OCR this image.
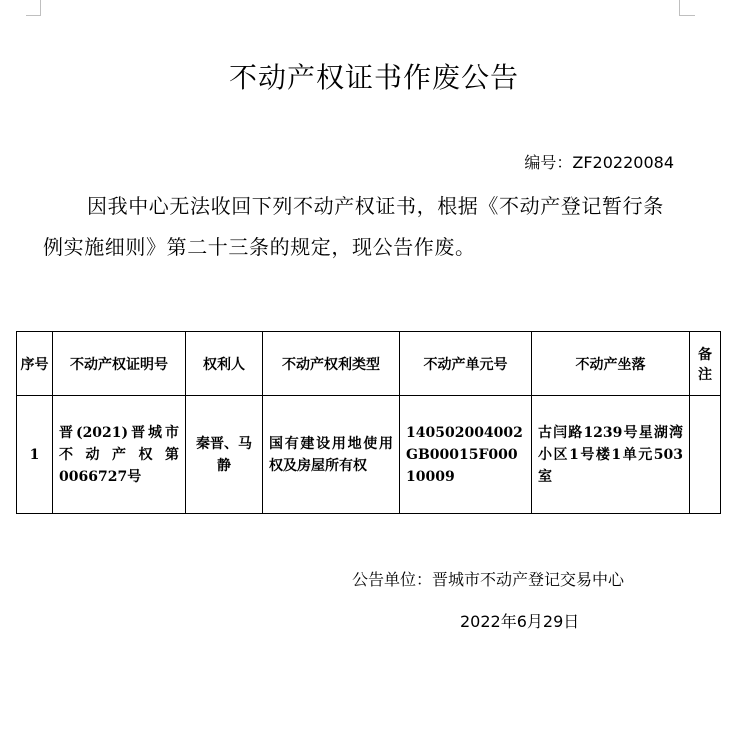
不动产权证书作废公告
编号：ZF20220084
因我中心无法收回下列不动产权证书，根据《不动产登记暂行条例实施细则》第二十三条的规定，现公告作废。
序号	不动产权证明号	权利人	不动产权利类型	不动产单元号	不动产坐落	备注
1	晋(2021)晋城市不动产权第0066727号	秦晋、马静	国有建设用地使用权及房屋所有权	140502004002GB00015F00010009	古闫路1239号星湖湾小区1号楼1单元503室	
公告单位：晋城市不动产登记交易中心
2022年6月29日
